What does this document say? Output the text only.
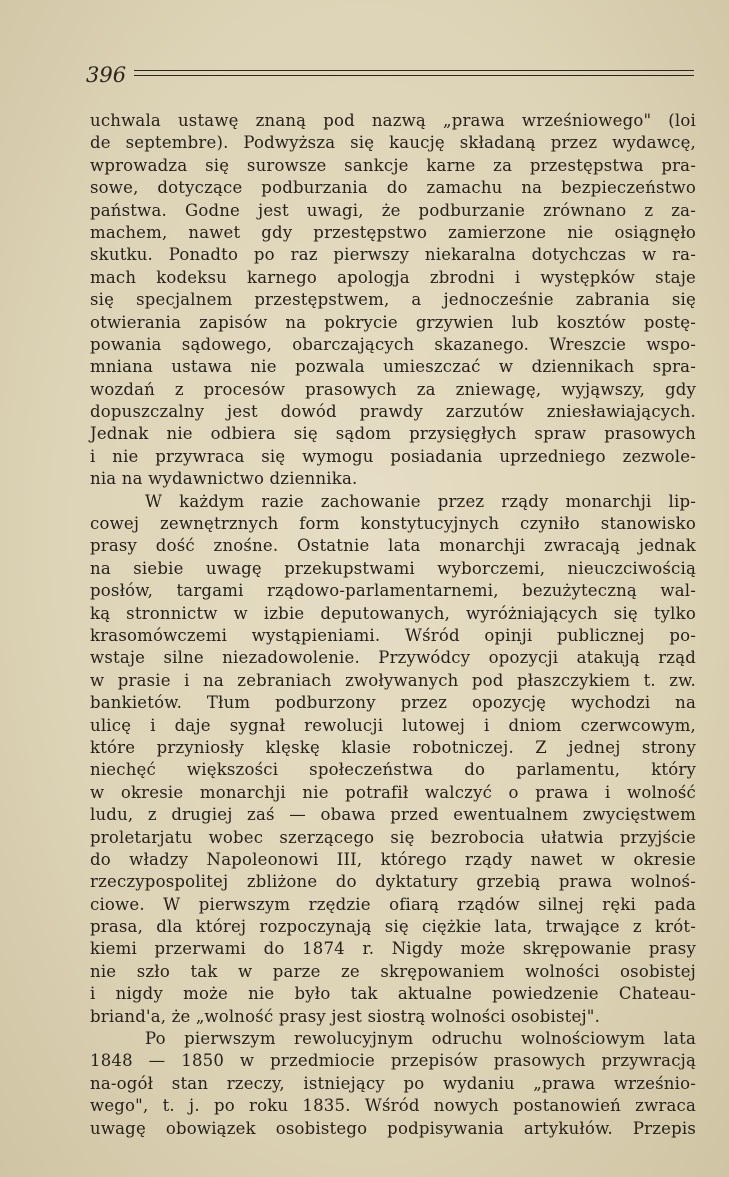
396
uchwala ustawę znaną pod nazwą „prawa wrześniowego" (loi
de septembre). Podwyższa się kaucję składaną przez wydawcę,
wprowadza się surowsze sankcje karne za przestępstwa pra-
sowe, dotyczące podburzania do zamachu na bezpieczeństwo
państwa. Godne jest uwagi, że podburzanie zrównano z za-
machem, nawet gdy przestępstwo zamierzone nie osiągnęło
skutku. Ponadto po raz pierwszy niekaralna dotychczas w ra-
mach kodeksu karnego apologja zbrodni i występków staje
się specjalnem przestępstwem, a jednocześnie zabrania się
otwierania zapisów na pokrycie grzywien lub kosztów postę-
powania sądowego, obarczających skazanego. Wreszcie wspo-
mniana ustawa nie pozwala umieszczać w dziennikach spra-
wozdań z procesów prasowych za zniewagę, wyjąwszy, gdy
dopuszczalny jest dowód prawdy zarzutów zniesławiających.
Jednak nie odbiera się sądom przysięgłych spraw prasowych
i nie przywraca się wymogu posiadania uprzedniego zezwole-
nia na wydawnictwo dziennika.
W każdym razie zachowanie przez rządy monarchji lip-
cowej zewnętrznych form konstytucyjnych czyniło stanowisko
prasy dość znośne. Ostatnie lata monarchji zwracają jednak
na siebie uwagę przekupstwami wyborczemi, nieuczciwością
posłów, targami rządowo-parlamentarnemi, bezużyteczną wal-
ką stronnictw w izbie deputowanych, wyróżniających się tylko
krasomówczemi wystąpieniami. Wśród opinji publicznej po-
wstaje silne niezadowolenie. Przywódcy opozycji atakują rząd
w prasie i na zebraniach zwoływanych pod płaszczykiem t. zw.
bankietów. Tłum podburzony przez opozycję wychodzi na
ulicę i daje sygnał rewolucji lutowej i dniom czerwcowym,
które przyniosły klęskę klasie robotniczej. Z jednej strony
niechęć większości społeczeństwa do parlamentu, który
w okresie monarchji nie potrafił walczyć o prawa i wolność
ludu, z drugiej zaś — obawa przed ewentualnem zwycięstwem
proletarjatu wobec szerzącego się bezrobocia ułatwia przyjście
do władzy Napoleonowi III, którego rządy nawet w okresie
rzeczypospolitej zbliżone do dyktatury grzebią prawa wolnoś-
ciowe. W pierwszym rzędzie ofiarą rządów silnej ręki pada
prasa, dla której rozpoczynają się ciężkie lata, trwające z krót-
kiemi przerwami do 1874 r. Nigdy może skrępowanie prasy
nie szło tak w parze ze skrępowaniem wolności osobistej
i nigdy może nie było tak aktualne powiedzenie Chateau-
briand'a, że „wolność prasy jest siostrą wolności osobistej".
Po pierwszym rewolucyjnym odruchu wolnościowym lata
1848 — 1850 w przedmiocie przepisów prasowych przywracją
na-ogół stan rzeczy, istniejący po wydaniu „prawa wrześnio-
wego", t. j. po roku 1835. Wśród nowych postanowień zwraca
uwagę obowiązek osobistego podpisywania artykułów. Przepis
